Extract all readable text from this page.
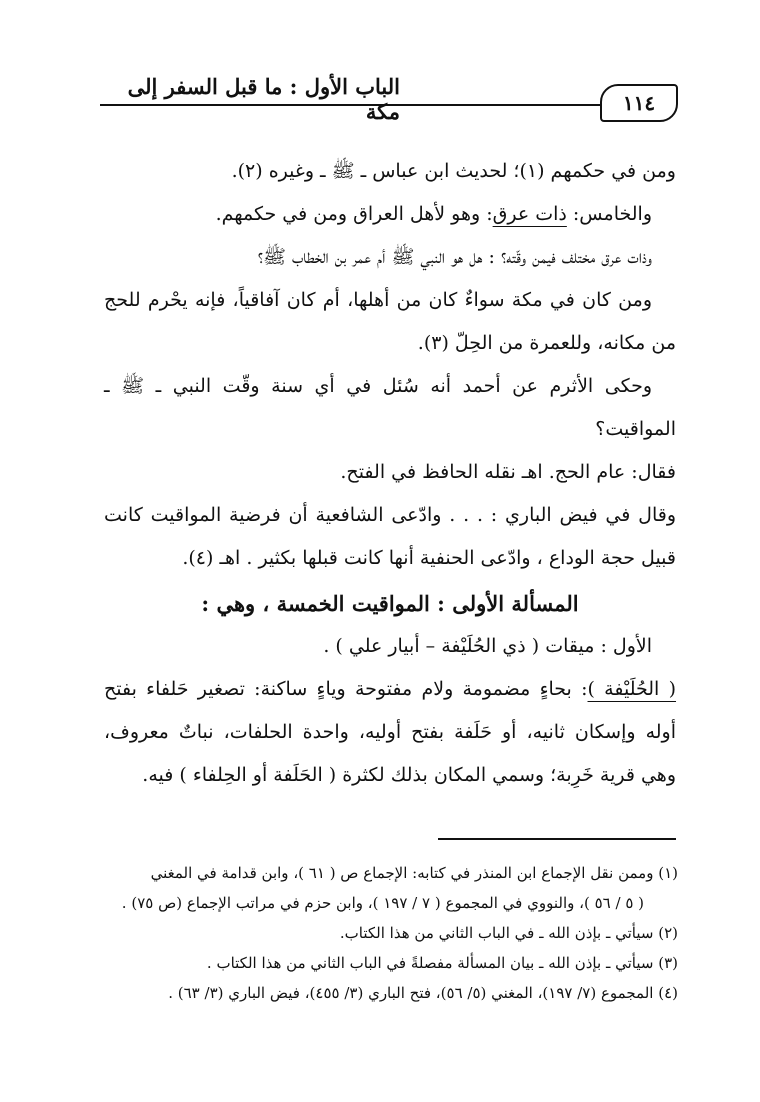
الباب الأول : ما قبل السفر إلى مكة	١١٤

ومن في حكمهم (١)؛ لحديث ابن عباس ـ ﷺ ـ وغيره (٢).

والخامس: ذات عرق: وهو لأهل العراق ومن في حكمهم.

وذات عرق مختلف فيمن وقّته؟ : هل هو النبي ﷺ أم عمر بن الخطاب ﷺ؟

ومن كان في مكة سواءٌ كان من أهلها، أم كان آفاقياً، فإنه يحْرم للحج من مكانه، وللعمرة من الحِلّ (٣).

وحكى الأثرم عن أحمد أنه سُئل في أي سنة وقّت النبي ـ ﷺ ـ المواقيت؟

فقال: عام الحج. اهـ نقله الحافظ في الفتح.

وقال في فيض الباري : . . . وادّعى الشافعية أن فرضية المواقيت كانت قبيل حجة الوداع ، وادّعى الحنفية أنها كانت قبلها بكثير . اهـ (٤).

المسألة الأولى : المواقيت الخمسة ، وهي :

الأول : ميقات ( ذي الحُلَيْفة – أبيار علي ) .

( الحُلَيْفة ): بحاءٍ مضمومة ولام مفتوحة وياءٍ ساكنة: تصغير حَلفاء بفتح أوله وإسكان ثانيه، أو حَلَفة بفتح أوليه، واحدة الحلفات، نباتٌ معروف، وهي قرية خَرِبة؛ وسمي المكان بذلك لكثرة ( الحَلَفة أو الحِلفاء ) فيه.

(١) وممن نقل الإجماع ابن المنذر في كتابه: الإجماع ص ( ٦١ )، وابن قدامة في المغني

( ٥ / ٥٦ )، والنووي في المجموع ( ٧ / ١٩٧ )، وابن حزم في مراتب الإجماع (ص ٧٥) .

(٢) سيأتي ـ بإذن الله ـ في الباب الثاني من هذا الكتاب.

(٣) سيأتي ـ بإذن الله ـ بيان المسألة مفصلةً في الباب الثاني من هذا الكتاب .

(٤) المجموع (٧/ ١٩٧)، المغني (٥/ ٥٦)، فتح الباري (٣/ ٤٥٥)، فيض الباري (٣/ ٦٣) .
